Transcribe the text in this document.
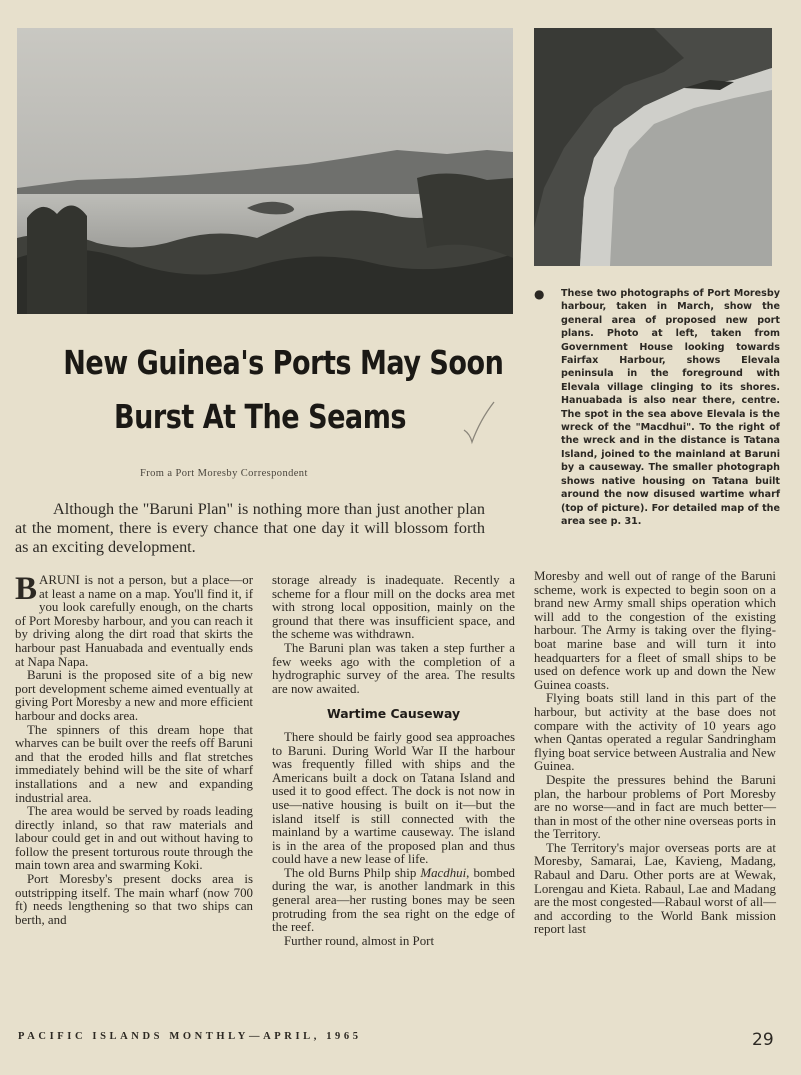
● These two photographs of Port Moresby harbour, taken in March, show the general area of proposed new port plans. Photo at left, taken from Government House looking towards Fairfax Harbour, shows Elevala peninsula in the foreground with Elevala village clinging to its shores. Hanuabada is also near there, centre. The spot in the sea above Elevala is the wreck of the "Macdhui". To the right of the wreck and in the distance is Tatana Island, joined to the mainland at Baruni by a causeway. The smaller photograph shows native housing on Tatana built around the now disused wartime wharf (top of picture). For detailed map of the area see p. 31.

New Guinea's Ports May Soon
Burst At The Seams
From a Port Moresby Correspondent

Although the "Baruni Plan" is nothing more than just another plan at the moment, there is every chance that one day it will blossom forth as an exciting development.

BARUNI is not a person, but a place—or at least a name on a map. You'll find it, if you look carefully enough, on the charts of Port Moresby harbour, and you can reach it by driving along the dirt road that skirts the harbour past Hanuabada and eventually ends at Napa Napa.

Baruni is the proposed site of a big new port development scheme aimed eventually at giving Port Moresby a new and more efficient harbour and docks area.

The spinners of this dream hope that wharves can be built over the reefs off Baruni and that the eroded hills and flat stretches immediately behind will be the site of wharf installations and a new and expanding industrial area.

The area would be served by roads leading directly inland, so that raw materials and labour could get in and out without having to follow the present torturous route through the main town area and swarming Koki.

Port Moresby's present docks area is outstripping itself. The main wharf (now 700 ft) needs lengthening so that two ships can berth, and

storage already is inadequate. Recently a scheme for a flour mill on the docks area met with strong local opposition, mainly on the ground that there was insufficient space, and the scheme was withdrawn.

The Baruni plan was taken a step further a few weeks ago with the completion of a hydrographic survey of the area. The results are now awaited.

Wartime Causeway

There should be fairly good sea approaches to Baruni. During World War II the harbour was frequently filled with ships and the Americans built a dock on Tatana Island and used it to good effect. The dock is not now in use—native housing is built on it—but the island itself is still connected with the mainland by a wartime causeway. The island is in the area of the proposed plan and thus could have a new lease of life.

The old Burns Philp ship Macdhui, bombed during the war, is another landmark in this general area—her rusting bones may be seen protruding from the sea right on the edge of the reef.

Further round, almost in Port

Moresby and well out of range of the Baruni scheme, work is expected to begin soon on a brand new Army small ships operation which will add to the congestion of the existing harbour. The Army is taking over the flying-boat marine base and will turn it into headquarters for a fleet of small ships to be used on defence work up and down the New Guinea coasts.

Flying boats still land in this part of the harbour, but activity at the base does not compare with the activity of 10 years ago when Qantas operated a regular Sandringham flying boat service between Australia and New Guinea.

Despite the pressures behind the Baruni plan, the harbour problems of Port Moresby are no worse—and in fact are much better—than in most of the other nine overseas ports in the Territory.

The Territory's major overseas ports are at Moresby, Samarai, Lae, Kavieng, Madang, Rabaul and Daru. Other ports are at Wewak, Lorengau and Kieta. Rabaul, Lae and Madang are the most congested—Rabaul worst of all—and according to the World Bank mission report last

PACIFIC ISLANDS MONTHLY—APRIL, 1965	29
